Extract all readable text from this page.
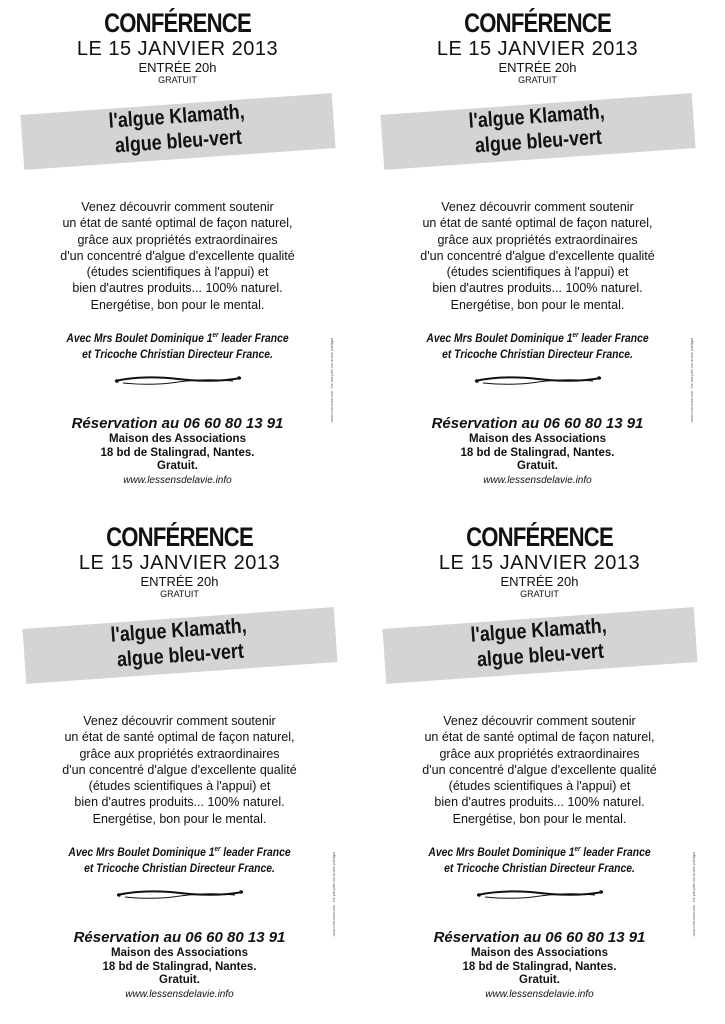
CONFÉRENCE
LE 15 JANVIER 2013
ENTRÉE 20h
GRATUIT
l'algue Klamath,
algue bleu-vert
Venez découvrir comment soutenir
un état de santé optimal de façon naturel,
grâce aux propriétés extraordinaires
d'un concentré d'algue d'excellente qualité
(études scientifiques à l'appui) et
bien d'autres produits... 100% naturel.
Energétise, bon pour le mental.
Avec Mrs Boulet Dominique 1er leader France
et Tricoche Christian Directeur France.
Réservation au 06 60 80 13 91
Maison des Associations
18 bd de Stalingrad, Nantes.
Gratuit.
www.lessensdelavie.info
www.cora-nova.com · Ne pas jeter sur la voie publique
CONFÉRENCE
LE 15 JANVIER 2013
ENTRÉE 20h
GRATUIT
l'algue Klamath,
algue bleu-vert
Venez découvrir comment soutenir
un état de santé optimal de façon naturel,
grâce aux propriétés extraordinaires
d'un concentré d'algue d'excellente qualité
(études scientifiques à l'appui) et
bien d'autres produits... 100% naturel.
Energétise, bon pour le mental.
Avec Mrs Boulet Dominique 1er leader France
et Tricoche Christian Directeur France.
Réservation au 06 60 80 13 91
Maison des Associations
18 bd de Stalingrad, Nantes.
Gratuit.
www.lessensdelavie.info
www.cora-nova.com · Ne pas jeter sur la voie publique
CONFÉRENCE
LE 15 JANVIER 2013
ENTRÉE 20h
GRATUIT
l'algue Klamath,
algue bleu-vert
Venez découvrir comment soutenir
un état de santé optimal de façon naturel,
grâce aux propriétés extraordinaires
d'un concentré d'algue d'excellente qualité
(études scientifiques à l'appui) et
bien d'autres produits... 100% naturel.
Energétise, bon pour le mental.
Avec Mrs Boulet Dominique 1er leader France
et Tricoche Christian Directeur France.
Réservation au 06 60 80 13 91
Maison des Associations
18 bd de Stalingrad, Nantes.
Gratuit.
www.lessensdelavie.info
www.cora-nova.com · Ne pas jeter sur la voie publique
CONFÉRENCE
LE 15 JANVIER 2013
ENTRÉE 20h
GRATUIT
l'algue Klamath,
algue bleu-vert
Venez découvrir comment soutenir
un état de santé optimal de façon naturel,
grâce aux propriétés extraordinaires
d'un concentré d'algue d'excellente qualité
(études scientifiques à l'appui) et
bien d'autres produits... 100% naturel.
Energétise, bon pour le mental.
Avec Mrs Boulet Dominique 1er leader France
et Tricoche Christian Directeur France.
Réservation au 06 60 80 13 91
Maison des Associations
18 bd de Stalingrad, Nantes.
Gratuit.
www.lessensdelavie.info
www.cora-nova.com · Ne pas jeter sur la voie publique
